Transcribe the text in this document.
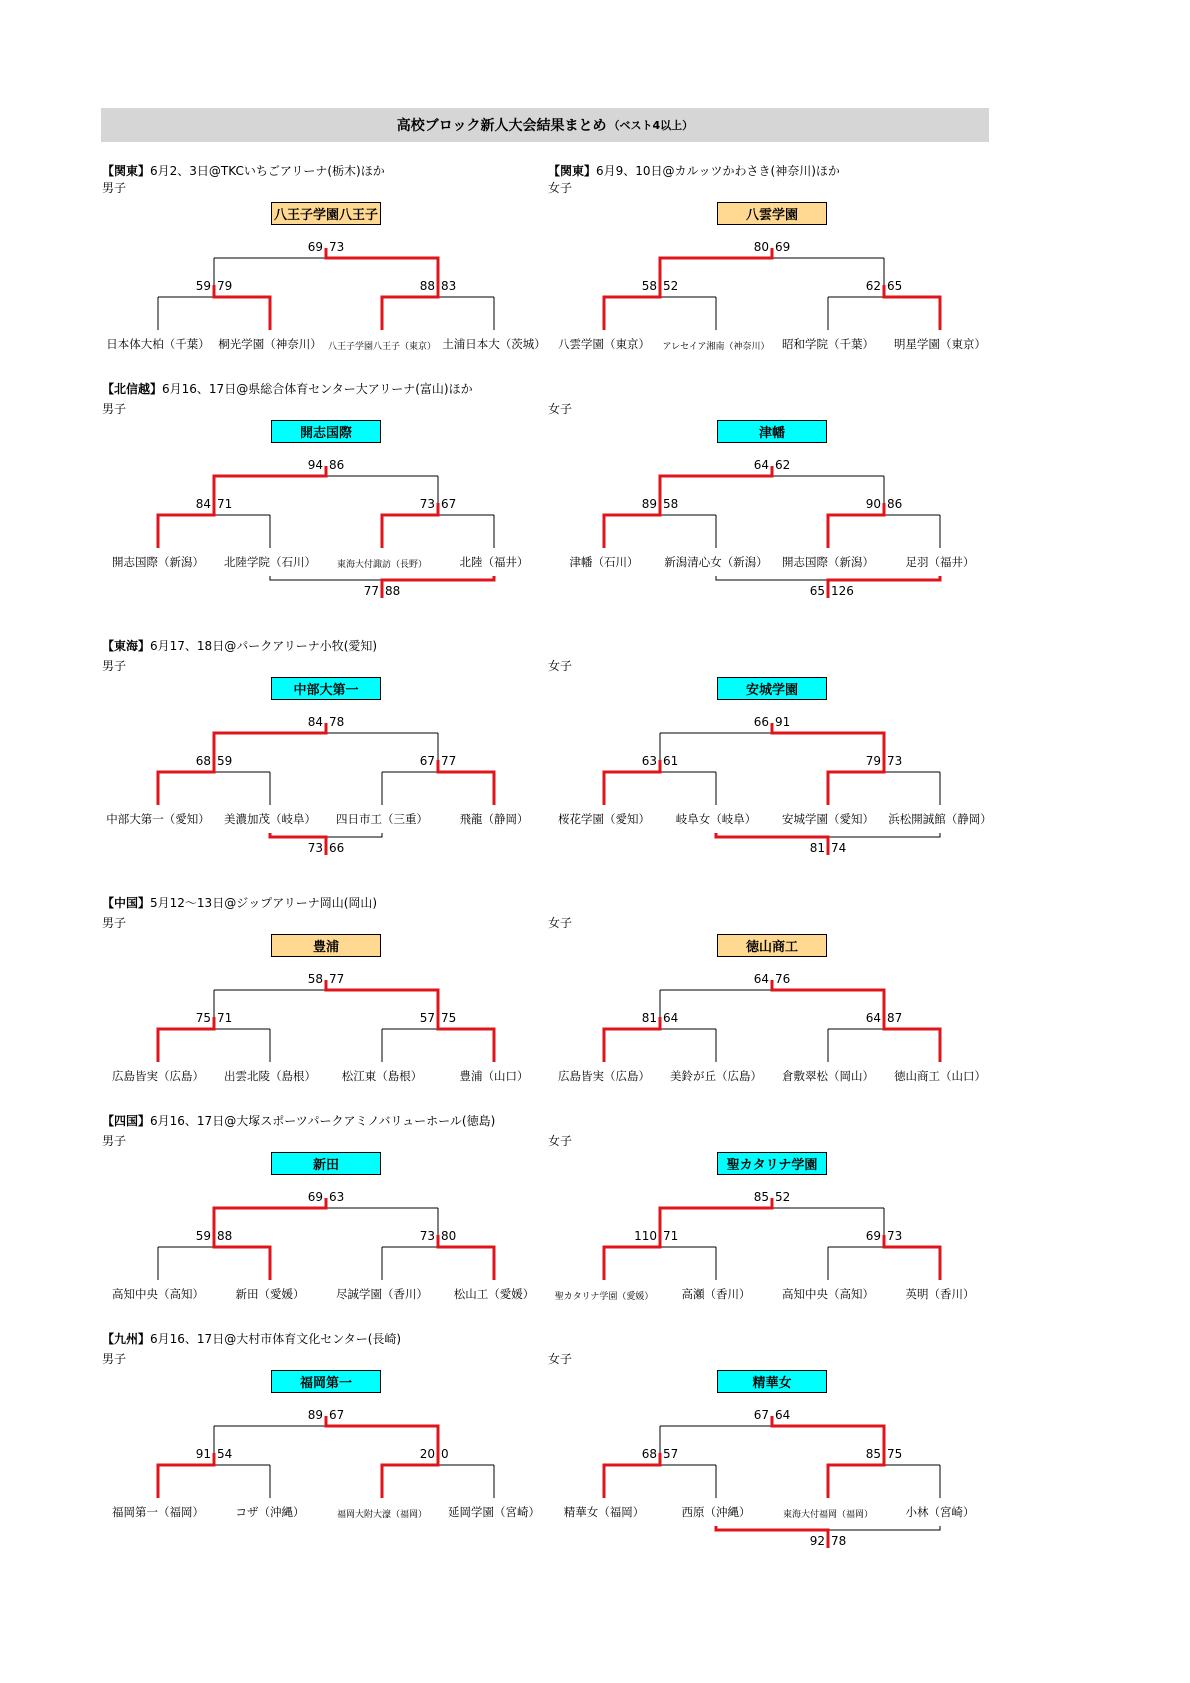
高校ブロック新人大会結果まとめ （ベスト4以上）
【関東】6月2、3日@TKCいちごアリーナ(栃木)ほか
男子
八王子学園八王子
69 73
59 79	88 83
日本体大柏（千葉） 桐光学園（神奈川） 八王子学園八王子（東京） 土浦日本大（茨城）
【関東】6月9、10日@カルッツかわさき(神奈川)ほか
女子
八雲学園
80 69
58 52	62 65
八雲学園（東京） アレセイア湘南（神奈川） 昭和学院（千葉） 明星学園（東京）
【北信越】6月16、17日@県総合体育センター大アリーナ(富山)ほか
男子
開志国際
94 86
84 71	73 67
開志国際（新潟） 北陸学院（石川） 東海大付諏訪（長野）	北陸（福井）
77 88
女子
津幡
64 62
89 58	90 86
津幡（石川） 新潟清心女（新潟） 開志国際（新潟）	足羽（福井）
65 126
【東海】6月17、18日@パークアリーナ小牧(愛知)
男子
中部大第一
84 78
68 59	67 77
中部大第一（愛知） 美濃加茂（岐阜） 四日市工（三重）	飛龍（静岡）
73 66
女子
安城学園
66 91
63 61	79 73
桜花学園（愛知） 岐阜女（岐阜） 安城学園（愛知） 浜松開誠館（静岡）
81 74
【中国】5月12～13日@ジップアリーナ岡山(岡山)
男子
豊浦
58 77
75 71	57 75
広島皆実（広島） 出雲北陵（島根） 松江東（島根）	豊浦（山口）
女子
徳山商工
64 76
81 64	64 87
広島皆実（広島） 美鈴が丘（広島） 倉敷翠松（岡山） 徳山商工（山口）
【四国】6月16、17日@大塚スポーツパークアミノバリューホール(徳島)
男子
新田
69 63
59 88	73 80
高知中央（高知）	新田（愛媛）	尽誠学園（香川） 松山工（愛媛）
女子
聖カタリナ学園
85 52
110 71	69 73
聖カタリナ学園（愛媛） 高瀬（香川）	高知中央（高知）	英明（香川）
【九州】6月16、17日@大村市体育文化センター(長崎)
男子
福岡第一
89 67
91 54	20 0
福岡第一（福岡）	コザ（沖縄）	福岡大附大濠（福岡） 延岡学園（宮崎）
女子
精華女
67 64
68 57	85 75
精華女（福岡）	西原（沖縄）	東海大付福岡（福岡）	小林（宮崎）
92 78
